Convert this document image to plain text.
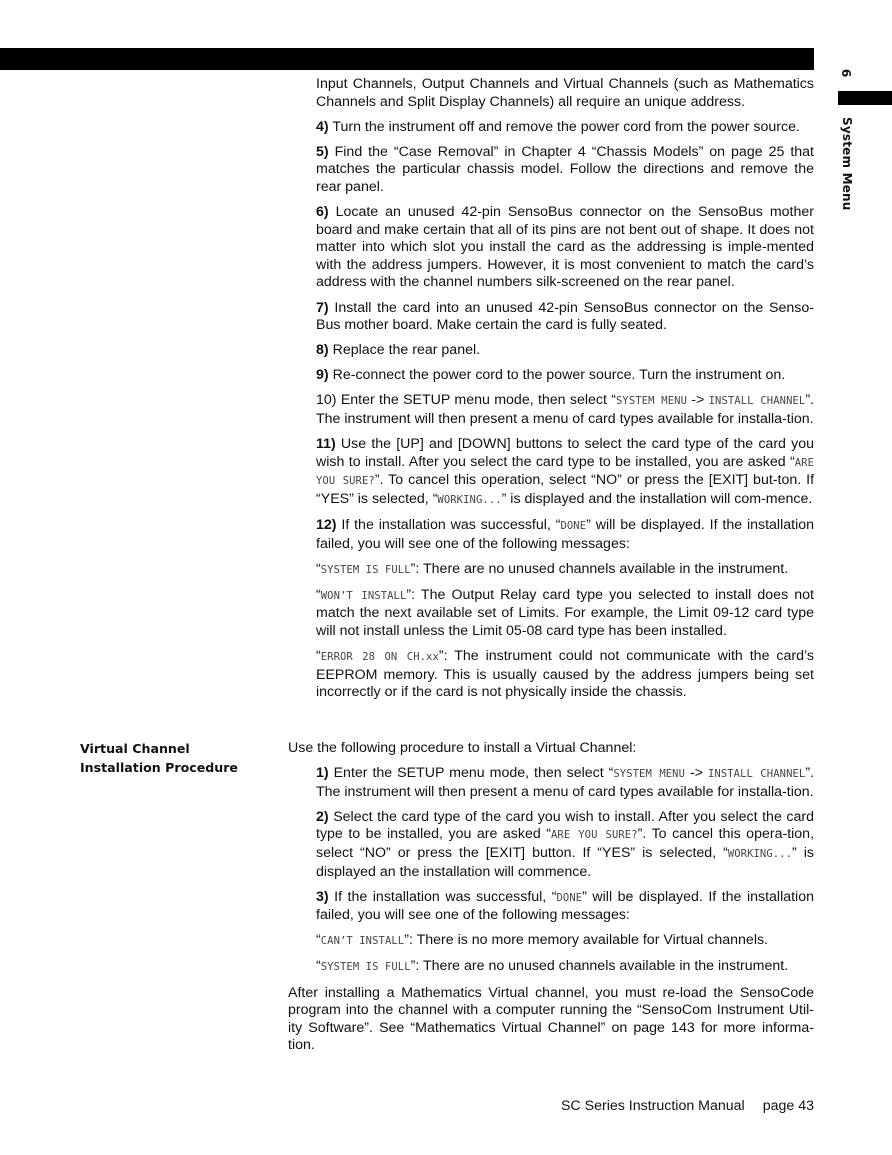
6
System Menu

Input Channels, Output Channels and Virtual Channels (such as Mathematics Channels and Split Display Channels) all require an unique address.

4) Turn the instrument off and remove the power cord from the power source.

5) Find the “Case Removal” in Chapter 4 “Chassis Models” on page 25 that matches the particular chassis model. Follow the directions and remove the rear panel.

6) Locate an unused 42-pin SensoBus connector on the SensoBus mother board and make certain that all of its pins are not bent out of shape. It does not matter into which slot you install the card as the addressing is imple-mented with the address jumpers. However, it is most convenient to match the card’s address with the channel numbers silk-screened on the rear panel.

7) Install the card into an unused 42-pin SensoBus connector on the Senso-Bus mother board. Make certain the card is fully seated.

8) Replace the rear panel.

9) Re-connect the power cord to the power source. Turn the instrument on.

10) Enter the SETUP menu mode, then select “SYSTEM MENU -> INSTALL CHANNEL”. The instrument will then present a menu of card types available for installa-tion.

11) Use the [UP] and [DOWN] buttons to select the card type of the card you wish to install. After you select the card type to be installed, you are asked “ARE YOU SURE?”. To cancel this operation, select “NO” or press the [EXIT] but-ton. If “YES” is selected, “WORKING...” is displayed and the installation will com-mence.

12) If the installation was successful, “DONE” will be displayed. If the installation failed, you will see one of the following messages:

“SYSTEM IS FULL”: There are no unused channels available in the instrument.

“WON’T INSTALL”: The Output Relay card type you selected to install does not match the next available set of Limits. For example, the Limit 09-12 card type will not install unless the Limit 05-08 card type has been installed.

“ERROR 28 ON CH.xx”: The instrument could not communicate with the card’s EEPROM memory. This is usually caused by the address jumpers being set incorrectly or if the card is not physically inside the chassis.

Virtual Channel Installation Procedure

Use the following procedure to install a Virtual Channel:

1) Enter the SETUP menu mode, then select “SYSTEM MENU -> INSTALL CHANNEL”. The instrument will then present a menu of card types available for installa-tion.

2) Select the card type of the card you wish to install. After you select the card type to be installed, you are asked “ARE YOU SURE?”. To cancel this opera-tion, select “NO” or press the [EXIT] button. If “YES” is selected, “WORKING...” is displayed an the installation will commence.

3) If the installation was successful, “DONE” will be displayed. If the installation failed, you will see one of the following messages:

“CAN’T INSTALL”: There is no more memory available for Virtual channels.

“SYSTEM IS FULL”: There are no unused channels available in the instrument.

After installing a Mathematics Virtual channel, you must re-load the SensoCode program into the channel with a computer running the “SensoCom Instrument Util-ity Software”. See “Mathematics Virtual Channel” on page 143 for more informa-tion.

SC Series Instruction Manual page 43
